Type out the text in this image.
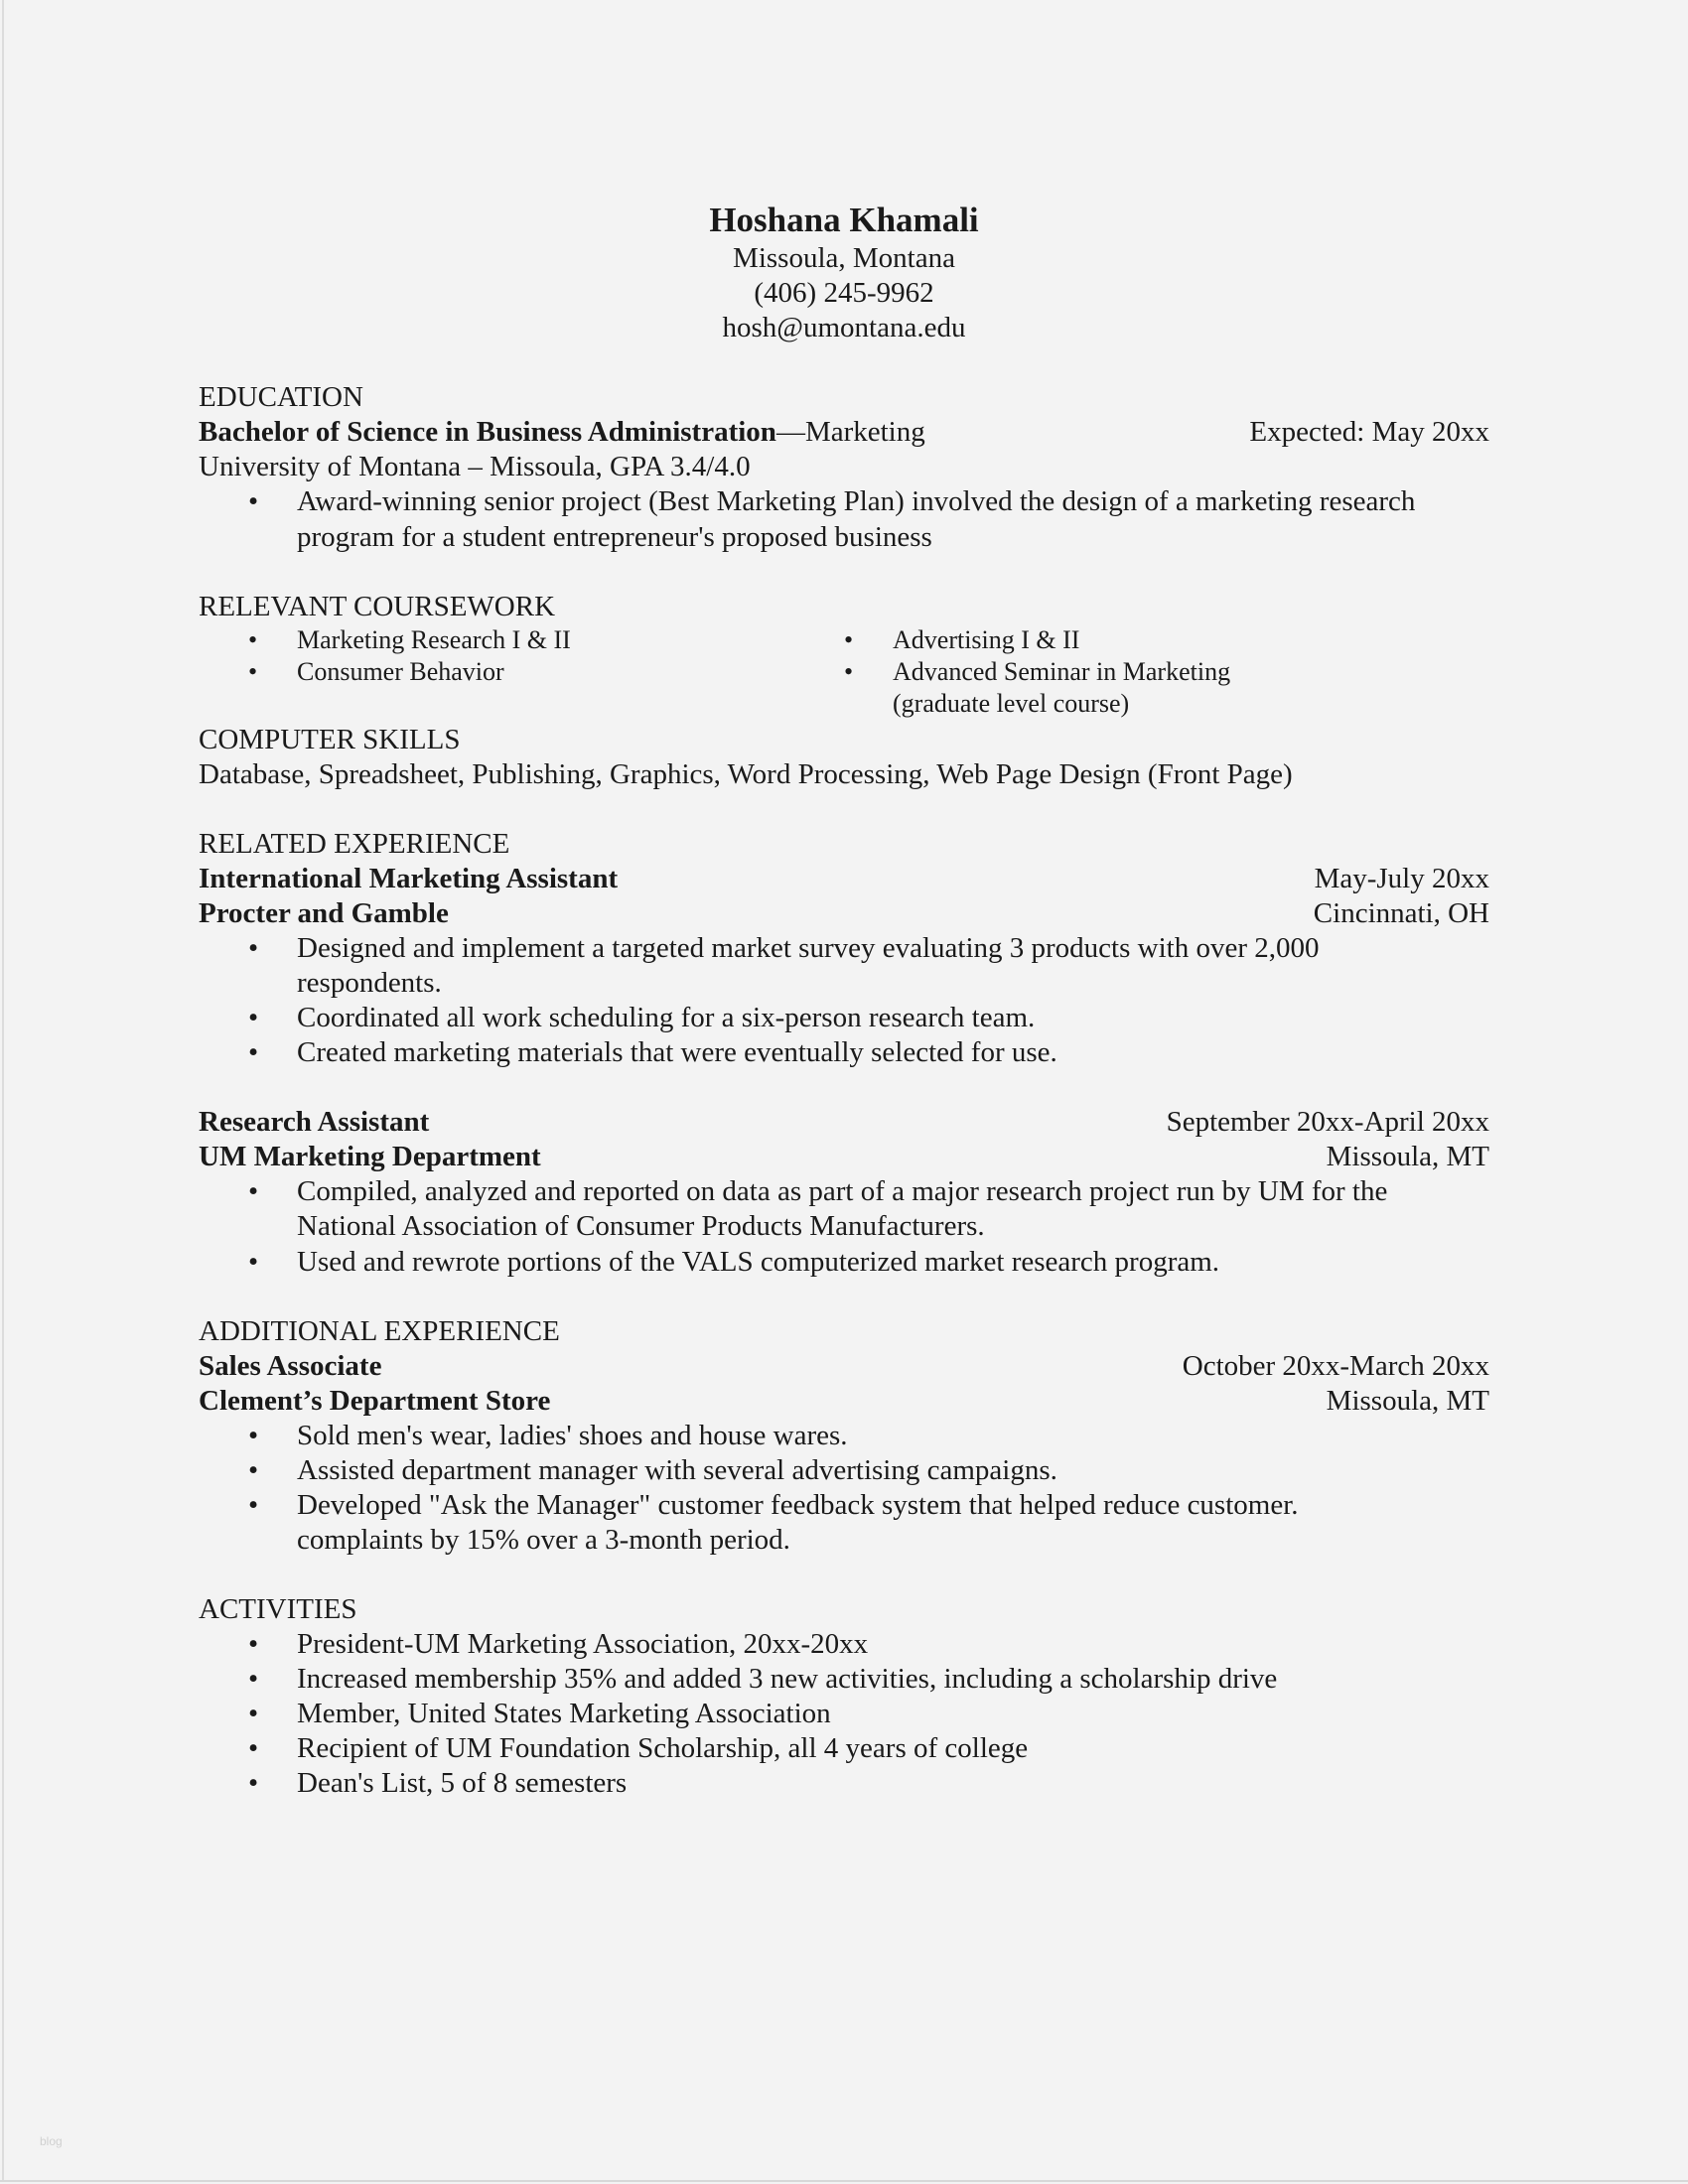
Hoshana Khamali
Missoula, Montana
(406) 245-9962
hosh@umontana.edu
EDUCATION
Bachelor of Science in Business Administration—Marketing	Expected: May 20xx
University of Montana – Missoula, GPA 3.4/4.0
•	Award-winning senior project (Best Marketing Plan) involved the design of a marketing research
program for a student entrepreneur's proposed business
RELEVANT COURSEWORK
•	Marketing Research I & II
•	Consumer Behavior
•	Advertising I & II
•	Advanced Seminar in Marketing
(graduate level course)
COMPUTER SKILLS
Database, Spreadsheet, Publishing, Graphics, Word Processing, Web Page Design (Front Page)
RELATED EXPERIENCE
International Marketing Assistant	May-July 20xx
Procter and Gamble	Cincinnati, OH
•	Designed and implement a targeted market survey evaluating 3 products with over 2,000
respondents.
•	Coordinated all work scheduling for a six-person research team.
•	Created marketing materials that were eventually selected for use.
Research Assistant	September 20xx-April 20xx
UM Marketing Department	Missoula, MT
•	Compiled, analyzed and reported on data as part of a major research project run by UM for the
National Association of Consumer Products Manufacturers.
•	Used and rewrote portions of the VALS computerized market research program.
ADDITIONAL EXPERIENCE
Sales Associate	October 20xx-March 20xx
Clement’s Department Store	Missoula, MT
•	Sold men's wear, ladies' shoes and house wares.
•	Assisted department manager with several advertising campaigns.
•	Developed "Ask the Manager" customer feedback system that helped reduce customer.
complaints by 15% over a 3-month period.
ACTIVITIES
•	President-UM Marketing Association, 20xx-20xx
•	Increased membership 35% and added 3 new activities, including a scholarship drive
•	Member, United States Marketing Association
•	Recipient of UM Foundation Scholarship, all 4 years of college
•	Dean's List, 5 of 8 semesters
blog
